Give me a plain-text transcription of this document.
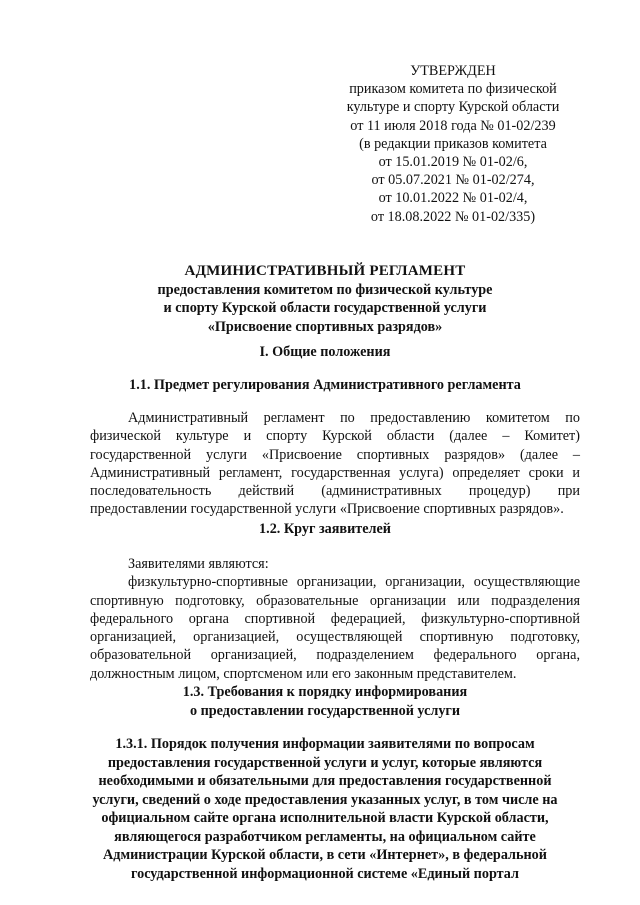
УТВЕРЖДЕН
приказом комитета по физической
культуре и спорту Курской области
от 11 июля 2018 года № 01-02/239
(в редакции приказов комитета
от 15.01.2019 № 01-02/6,
от 05.07.2021 № 01-02/274,
от 10.01.2022 № 01-02/4,
от 18.08.2022 № 01-02/335)
АДМИНИСТРАТИВНЫЙ РЕГЛАМЕНТ
предоставления комитетом по физической культуре
и спорту Курской области государственной услуги
«Присвоение спортивных разрядов»
I. Общие положения
1.1. Предмет регулирования Административного регламента

Административный регламент по предоставлению комитетом по физической культуре и спорту Курской области (далее – Комитет) государственной услуги «Присвоение спортивных разрядов» (далее – Административный регламент, государственная услуга) определяет сроки и последовательность действий (административных процедур) при предоставлении государственной услуги «Присвоение спортивных разрядов».

1.2. Круг заявителей

Заявителями являются:

физкультурно-спортивные организации, организации, осуществляющие спортивную подготовку, образовательные организации или подразделения федерального органа спортивной федерацией, физкультурно-спортивной организацией, организацией, осуществляющей спортивную подготовку, образовательной организацией, подразделением федерального органа, должностным лицом, спортсменом или его законным представителем.

1.3. Требования к порядку информирования
о предоставлении государственной услуги
1.3.1. Порядок получения информации заявителями по вопросам
предоставления государственной услуги и услуг, которые являются
необходимыми и обязательными для предоставления государственной
услуги, сведений о ходе предоставления указанных услуг, в том числе на
официальном сайте органа исполнительной власти Курской области,
являющегося разработчиком регламенты, на официальном сайте
Администрации Курской области, в сети «Интернет», в федеральной
государственной информационной системе «Единый портал
